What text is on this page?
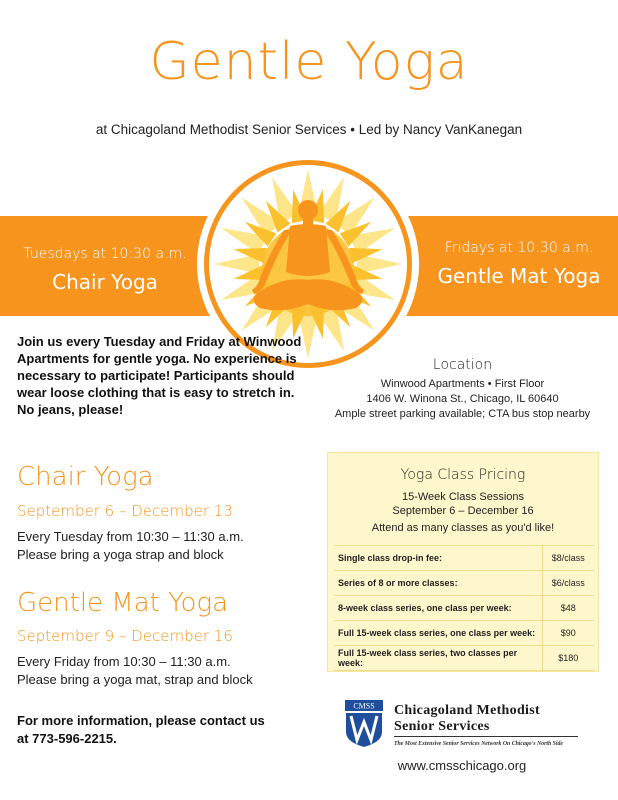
Gentle Yoga
at Chicagoland Methodist Senior Services • Led by Nancy VanKanegan
Tuesdays at 10:30 a.m.
Chair Yoga
Fridays at 10:30 a.m.
Gentle Mat Yoga
Join us every Tuesday and Friday at Winwood Apartments for gentle yoga. No experience is necessary to participate! Participants should wear loose clothing that is easy to stretch in. No jeans, please!
Location
Winwood Apartments • First Floor
1406 W. Winona St., Chicago, IL 60640
Ample street parking available; CTA bus stop nearby
Chair Yoga
September 6 – December 13
Every Tuesday from 10:30 – 11:30 a.m.
Please bring a yoga strap and block
Gentle Mat Yoga
September 9 – December 16
Every Friday from 10:30 – 11:30 a.m.
Please bring a yoga mat, strap and block
Yoga Class Pricing
15-Week Class Sessions
September 6 – December 16
Attend as many classes as you'd like!
Single class drop-in fee:	$8/class
Series of 8 or more classes:	$6/class
8-week class series, one class per week:	$48
Full 15-week class series, one class per week:	$90
Full 15-week class series, two classes per week:	$180
For more information, please contact us
at 773-596-2215.
CMSS Chicagoland Methodist
Senior Services
The Most Extensive Senior Services Network On Chicago's North Side
www.cmsschicago.org
